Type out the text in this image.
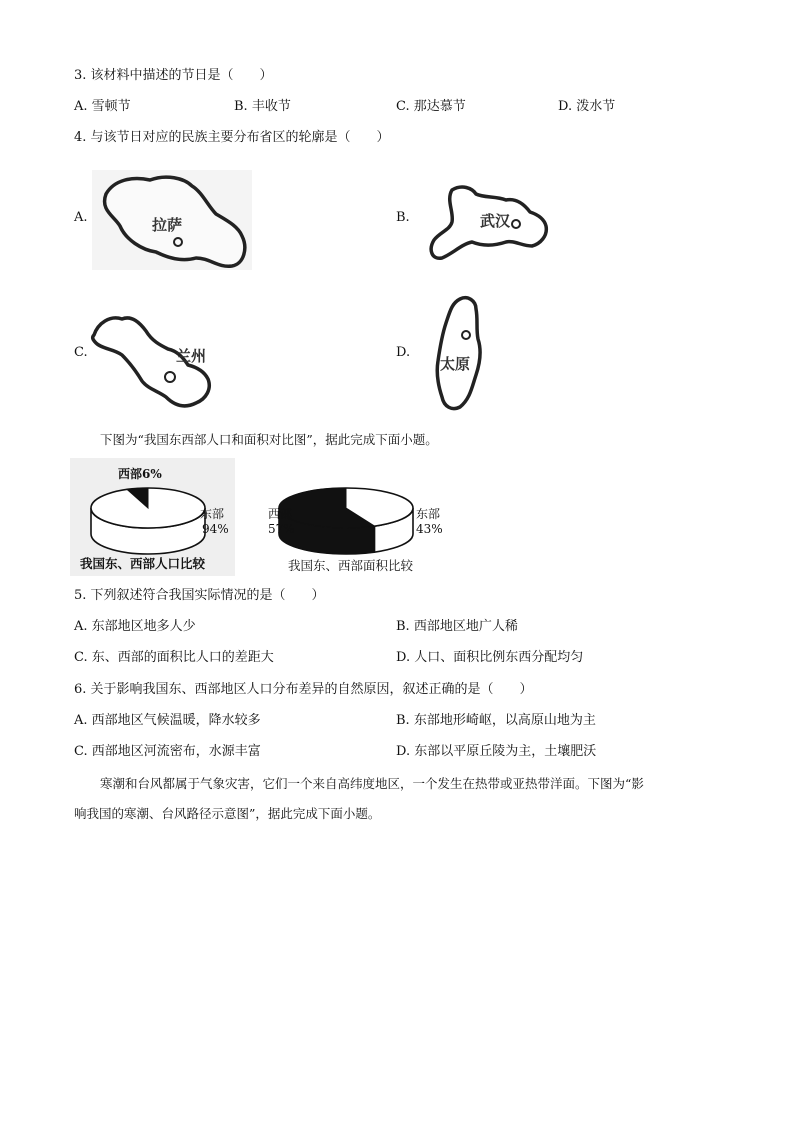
3. 该材料中描述的节日是（　　）
A. 雪顿节	B. 丰收节	C. 那达慕节	D. 泼水节
4. 与该节日对应的民族主要分布省区的轮廓是（　　）
A.	拉萨	B.	武汉
C.	兰州	D.
太原
下图为“我国东西部人口和面积对比图”，据此完成下面小题。
西部6%
东部
94%
我国东、西部人口比较
西部
57%
东部
43%
我国东、西部面积比较
5. 下列叙述符合我国实际情况的是（　　）
A. 东部地区地多人少	B. 西部地区地广人稀
C. 东、西部的面积比人口的差距大	D. 人口、面积比例东西分配均匀
6. 关于影响我国东、西部地区人口分布差异的自然原因，叙述正确的是（　　）
A. 西部地区气候温暖，降水较多	B. 东部地形崎岖，以高原山地为主
C. 西部地区河流密布，水源丰富	D. 东部以平原丘陵为主，土壤肥沃
寒潮和台风都属于气象灾害，它们一个来自高纬度地区，一个发生在热带或亚热带洋面。下图为“影
响我国的寒潮、台风路径示意图”，据此完成下面小题。
